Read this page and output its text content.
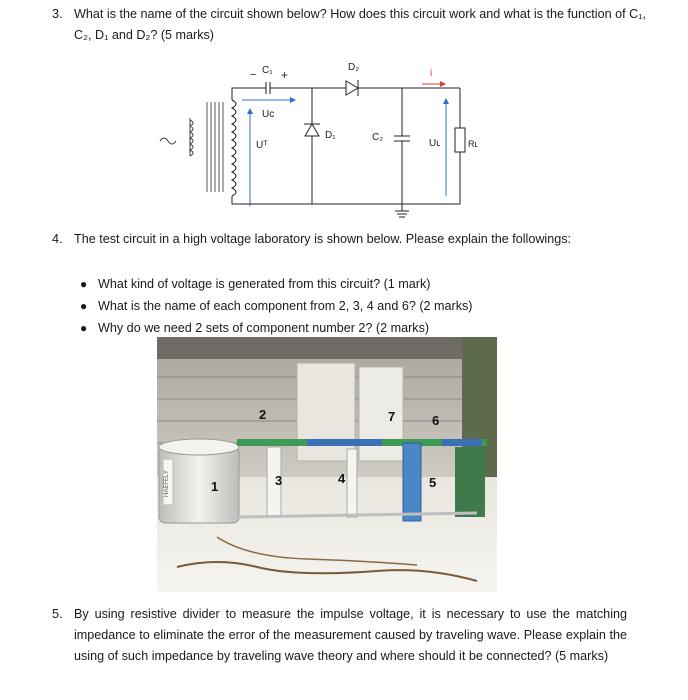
3. What is the name of the circuit shown below? How does this circuit work and what is the function of C₁, C₂, D₁ and D₂? (5 marks)
C₁
− +
D₂
Uc
Uᵀ
D₁	C₂
i
Uʟ	Rʟ
4. The test circuit in a high voltage laboratory is shown below. Please explain the followings:
● What kind of voltage is generated from this circuit? (1 mark)
● What is the name of each component from 2, 3, 4 and 6? (2 marks)
● Why do we need 2 sets of component number 2? (2 marks)
HAEFELY	1
2
3	4	5
6
7
5. By using resistive divider to measure the impulse voltage, it is necessary to use the matching impedance to eliminate the error of the measurement caused by traveling wave. Please explain the using of such impedance by traveling wave theory and where should it be connected? (5 marks)
